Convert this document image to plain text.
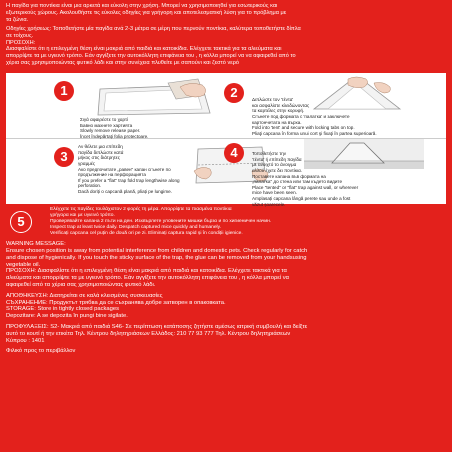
Η παγίδα για ποντίκια είναι μια αρκετά και εύκολη στην χρήση. Μπορεί να χρησιμοποιηθεί για εσωτερικούς και
εξωτερικούς χώρους. Ακολουθήστε τις εύκολες οδηγίες για γρήγορη και αποτελεσματική λύση για το πρόβλημα με
τα ζώνια.

Οδηγίες χρήσεως: Τοποθετήστε μία παγίδα ανά 2-3 μέτρα σε μέρη που περνούν ποντίκια, καλύτερα τοποθετήστε δίπλα
σε τοίχους.
ΠΡΟΣΟΧΗ:
Διασφαλίστε ότι η επιλεγμένη θέση είναι μακριά από παιδιά και κατοικίδια. Ελέγχετε τακτικά για τα αλιεύματα και
απορρίψτε τα με υγιεινό τρόπο. Εάν αγγίξετε την αυτοκόλλητη επιφάνεια του , η κόλλα μπορεί να να αφαιρεθεί από το
χέρια σας χρησιμοποιώντας φυτικό λάδι και στην συνέχεια πλυθείτε με σαπούνι και ζεστό νερό

1
Σιγά αφαιρέστε το χαρτί
Бавно махнете хартията
Slowly remove release paper.
Încet îndepărtați folia protectoare.
2	Διπλώστε τον 'τέντα'
και ασφαλίστε κλειδώνοντας
τα καρτέλες στην κορυφή.
Сгънете под формата с 'палатка' и заключете
картончетата на върха.
Fold into 'tent' and secure with locking tabs on top.
Pliaţi capcana în forma unui cort şi fixaţi în partea superioară.
3
Αν θέλετε μια επίπεδη
παγίδα διπλώστε κατά
μήκος στις διάτρητες
γραμμές
Ако предпочитате „равен" капан сгънете по
продължение на перфорацията
If you prefer a "flat" trap fold trap lengthwise along
perforation.
Dacă doriți o capcană plană, pliați pe lungime.
4	Τοποθετήστε την
'τέντα' ή επίπεδη παγίδα
με ανοιχτό το άνοιγμα
αλλού έχετε δει ποντίκια.
Поставете капана във формата на
„палатка" до стена или там където видите
Place "tented" or "flat" trap against wall, or wherever
mice have been seen.
Amplasați capcana lângă perete sau unde a fost
văzut șoarecele.
5
Ελέγχετε τις παγίδες τουλάχιστον 2 φορές τη μέρα. Απορρίψτε τα πιασμένα ποντίκια
γρήγορα και με υγιεινό τρόπο.
Проверявайте капана 2 пъти на ден. Изхвърлете уловените мишки бързо и по хигиеничен начин.
Inspect trap at least twice daily. Despatch captured mice quickly and humanely.
Verificați capcana cel puțin de două ori pe zi. Eliminați captura rapid și în condiții igienice.

WARNING MESSAGE:
Ensure chosen position is away from potential interference from children and domestic pets. Check regularly for catch
and dispose of hygienically. If you touch the sticky surface of the trap, the glue can be removed from your handsusing
vegetable oil.

ΠΡΟΣΟΧΗ: Διασφαλίστε ότι η επιλεγμένη θέση είναι μακριά από παιδιά και κατοικίδια. Ελέγχετε τακτικά για τα
αλιεύματα και απορρίψτε τα με υγιεινό τρόπο. Εάν αγγίξετε την αυτοκόλλητη επιφάνεια του , η κόλλα μπορεί να
αφαιρεθεί από τα χέρια σας χρησιμοποιώντας φυτικό λάδι.

ΑΠΟΘΗΚΕΥΣΗ: Διατηρείται σε καλά κλεισμένες συσκευασίες
СЪХРАНЕНИЕ: Продуктът трябва да се съхранява добре затворен в опаковката.
STORAGE: Store in tightly closed packages
Depozitare: A se depozita în pungi bine sigilate.

ΠΡΟΦΥΛΑΞΕΙΣ: S2- Μακριά από παιδιά S46- Σε περίπτωση κατάποσης ζητήστε αμέσως ιατρική συμβουλή και δείξτε
αυτό το κουτί ή την ετικέτα Τηλ. Κέντρου δηλητηριάσεων Ελλάδος: 210 77 93 777 Τηλ. Κέντρου δηλητηριάσεων
Κύπρου : 1401

Φιλικό προς το περιβάλλον
